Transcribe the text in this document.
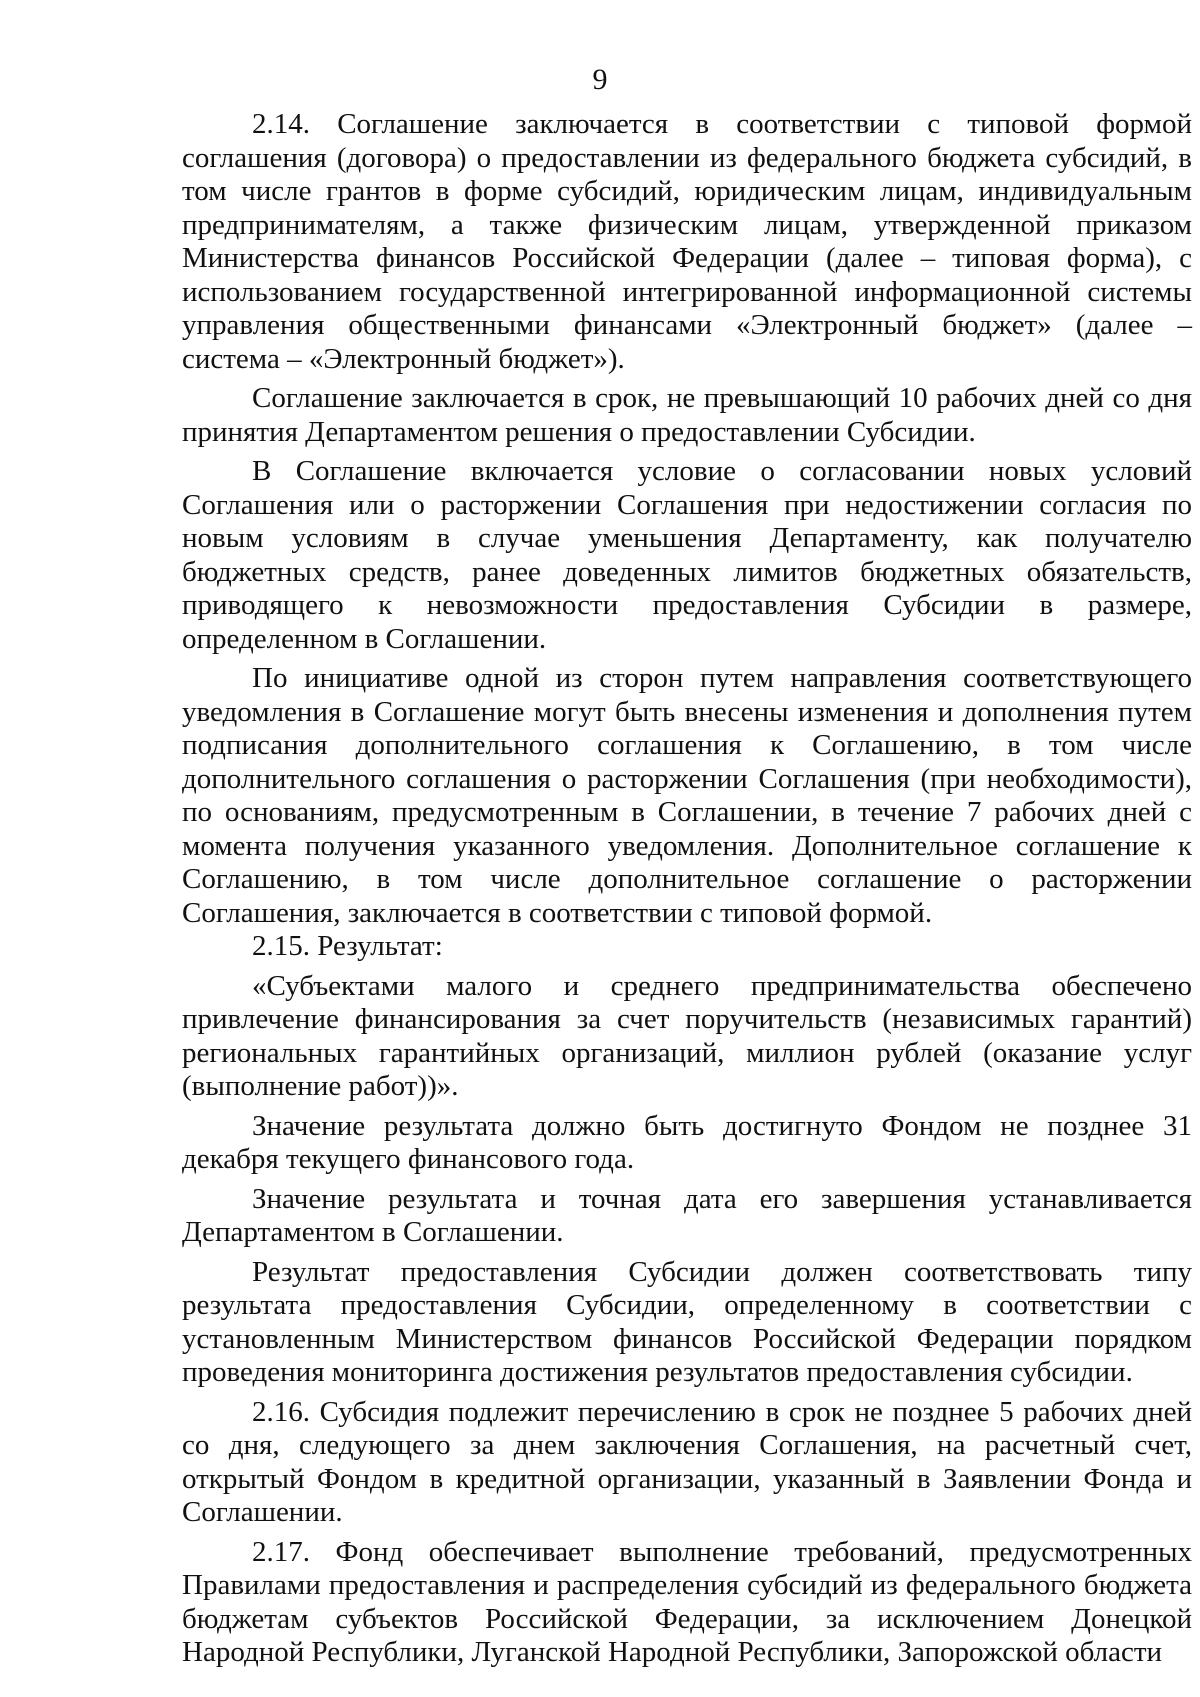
9

2.14. Соглашение заключается в соответствии с типовой формой соглашения (договора) о предоставлении из федерального бюджета субсидий, в том числе грантов в форме субсидий, юридическим лицам, индивидуальным предпринимателям, а также физическим лицам, утвержденной приказом Министерства финансов Российской Федерации (далее – типовая форма), с использованием государственной интегрированной информационной системы управления общественными финансами «Электронный бюджет» (далее – система – «Электронный бюджет»).

Соглашение заключается в срок, не превышающий 10 рабочих дней со дня принятия Департаментом решения о предоставлении Субсидии.

В Соглашение включается условие о согласовании новых условий Соглашения или о расторжении Соглашения при недостижении согласия по новым условиям в случае уменьшения Департаменту, как получателю бюджетных средств, ранее доведенных лимитов бюджетных обязательств, приводящего к невозможности предоставления Субсидии в размере, определенном в Соглашении.

По инициативе одной из сторон путем направления соответствующего уведомления в Соглашение могут быть внесены изменения и дополнения путем подписания дополнительного соглашения к Соглашению, в том числе дополнительного соглашения о расторжении Соглашения (при необходимости), по основаниям, предусмотренным в Соглашении, в течение 7 рабочих дней с момента получения указанного уведомления. Дополнительное соглашение к Соглашению, в том числе дополнительное соглашение о расторжении Соглашения, заключается в соответствии с типовой формой.

2.15. Результат:

«Субъектами малого и среднего предпринимательства обеспечено привлечение финансирования за счет поручительств (независимых гарантий) региональных гарантийных организаций, миллион рублей (оказание услуг (выполнение работ))».

Значение результата должно быть достигнуто Фондом не позднее 31 декабря текущего финансового года.

Значение результата и точная дата его завершения устанавливается Департаментом в Соглашении.

Результат предоставления Субсидии должен соответствовать типу результата предоставления Субсидии, определенному в соответствии с установленным Министерством финансов Российской Федерации порядком проведения мониторинга достижения результатов предоставления субсидии.

2.16. Субсидия подлежит перечислению в срок не позднее 5 рабочих дней со дня, следующего за днем заключения Соглашения, на расчетный счет, открытый Фондом в кредитной организации, указанный в Заявлении Фонда и Соглашении.

2.17. Фонд обеспечивает выполнение требований, предусмотренных Правилами предоставления и распределения субсидий из федерального бюджета бюджетам субъектов Российской Федерации, за исключением Донецкой Народной Республики, Луганской Народной Республики, Запорожской области
